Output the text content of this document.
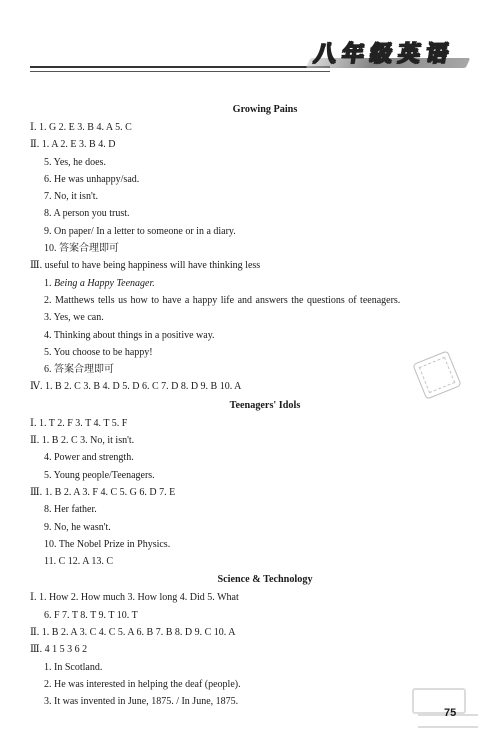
八 年 级 英 语
Growing Pains
Ⅰ. 1. G 2. E 3. B 4. A 5. C
Ⅱ. 1. A 2. E 3. B 4. D
5. Yes, he does.
6. He was unhappy/sad.
7. No, it isn't.
8. A person you trust.
9. On paper/ In a letter to someone or in a diary.
10. 答案合理即可
Ⅲ. useful to have being happiness will have thinking less
1. Being a Happy Teenager.
2. Matthews tells us how to have a happy life and answers the questions of teenagers.
3. Yes, we can.
4. Thinking about things in a positive way.
5. You choose to be happy!
6. 答案合理即可
Ⅳ. 1. B 2. C 3. B 4. D 5. D 6. C 7. D 8. D 9. B 10. A
Teenagers' Idols
Ⅰ. 1. T 2. F 3. T 4. T 5. F
Ⅱ. 1. B 2. C 3. No, it isn't.
4. Power and strength.
5. Young people/Teenagers.
Ⅲ. 1. B 2. A 3. F 4. C 5. G 6. D 7. E
8. Her father.
9. No, he wasn't.
10. The Nobel Prize in Physics.
11. C 12. A 13. C
Science & Technology
Ⅰ. 1. How 2. How much 3. How long 4. Did 5. What
6. F 7. T 8. T 9. T 10. T
Ⅱ. 1. B 2. A 3. C 4. C 5. A 6. B 7. B 8. D 9. C 10. A
Ⅲ. 4 1 5 3 6 2
1. In Scotland.
2. He was interested in helping the deaf (people).
3. It was invented in June, 1875. / In June, 1875.
75
